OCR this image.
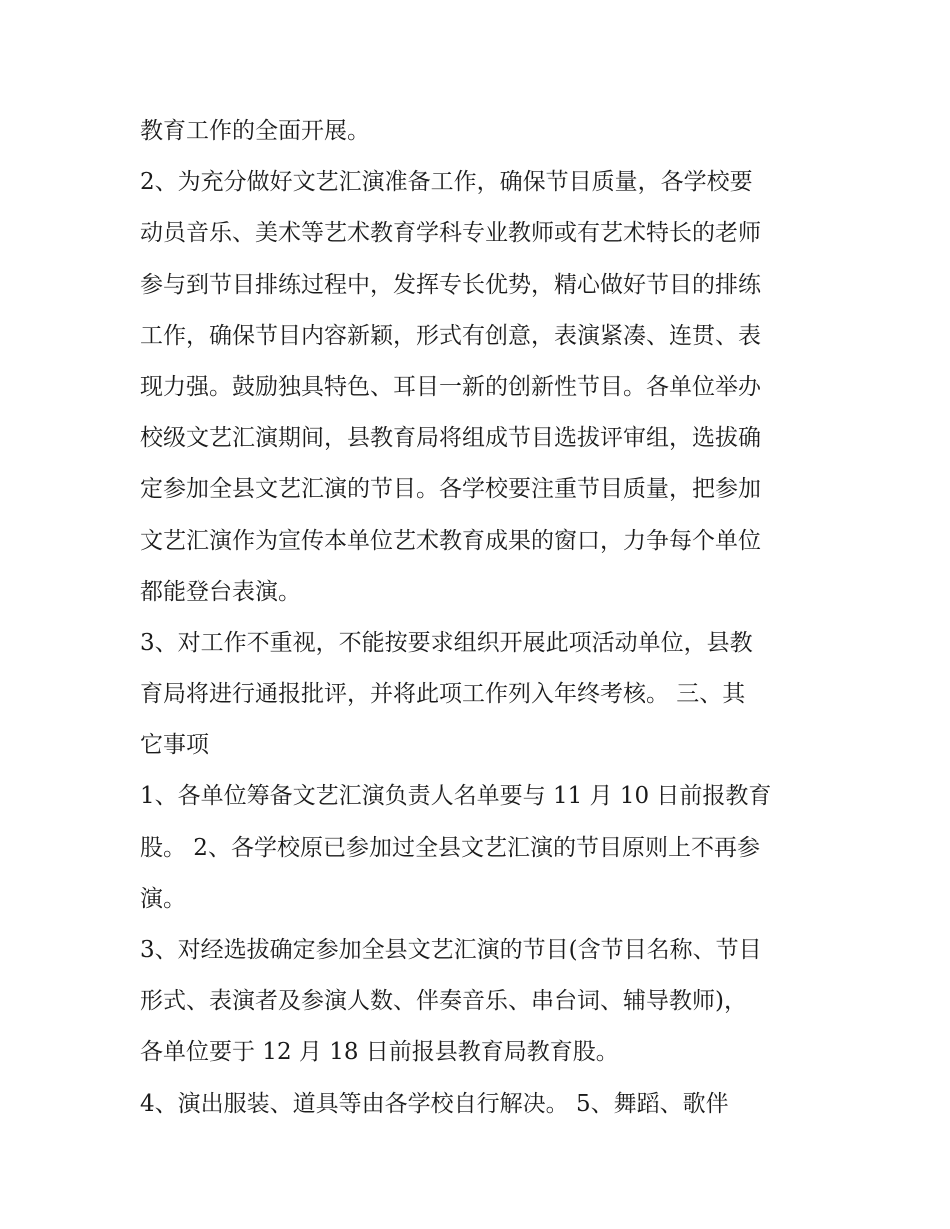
教育工作的全面开展。
2、为充分做好文艺汇演准备工作，确保节目质量，各学校要
动员音乐、美术等艺术教育学科专业教师或有艺术特长的老师
参与到节目排练过程中，发挥专长优势，精心做好节目的排练
工作，确保节目内容新颖，形式有创意，表演紧凑、连贯、表
现力强。鼓励独具特色、耳目一新的创新性节目。各单位举办
校级文艺汇演期间，县教育局将组成节目选拔评审组，选拔确
定参加全县文艺汇演的节目。各学校要注重节目质量，把参加
文艺汇演作为宣传本单位艺术教育成果的窗口，力争每个单位
都能登台表演。
3、对工作不重视，不能按要求组织开展此项活动单位，县教
育局将进行通报批评，并将此项工作列入年终考核。 三、其
它事项
1、各单位筹备文艺汇演负责人名单要与 11 月 10 日前报教育
股。 2、各学校原已参加过全县文艺汇演的节目原则上不再参
演。
3、对经选拔确定参加全县文艺汇演的节目(含节目名称、节目
形式、表演者及参演人数、伴奏音乐、串台词、辅导教师)，
各单位要于 12 月 18 日前报县教育局教育股。
4、演出服装、道具等由各学校自行解决。 5、舞蹈、歌伴
